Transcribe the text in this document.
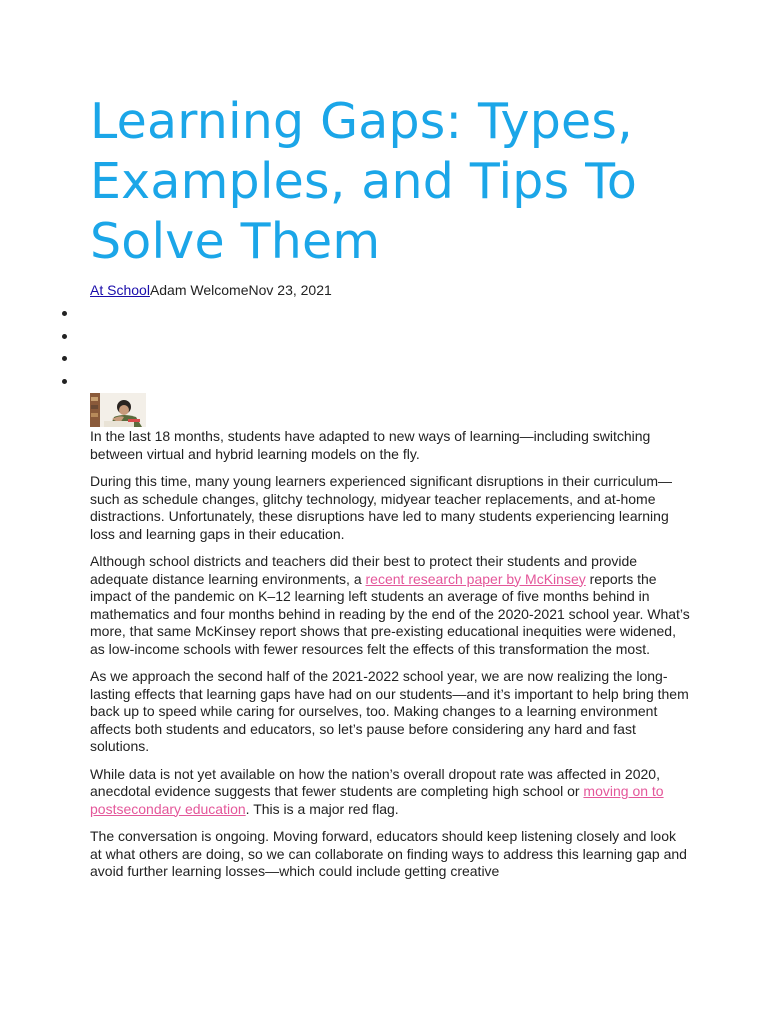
Learning Gaps: Types, Examples, and Tips To Solve Them
At SchoolAdam WelcomeNov 23, 2021

In the last 18 months, students have adapted to new ways of learning—including switching between virtual and hybrid learning models on the fly.

During this time, many young learners experienced significant disruptions in their curriculum—such as schedule changes, glitchy technology, midyear teacher replacements, and at-home distractions. Unfortunately, these disruptions have led to many students experiencing learning loss and learning gaps in their education.

Although school districts and teachers did their best to protect their students and provide adequate distance learning environments, a recent research paper by McKinsey reports the impact of the pandemic on K–12 learning left students an average of five months behind in mathematics and four months behind in reading by the end of the 2020-2021 school year. What’s more, that same McKinsey report shows that pre-existing educational inequities were widened, as low-income schools with fewer resources felt the effects of this transformation the most.

As we approach the second half of the 2021-2022 school year, we are now realizing the long-lasting effects that learning gaps have had on our students—and it’s important to help bring them back up to speed while caring for ourselves, too. Making changes to a learning environment affects both students and educators, so let’s pause before considering any hard and fast solutions.

While data is not yet available on how the nation’s overall dropout rate was affected in 2020, anecdotal evidence suggests that fewer students are completing high school or moving on to postsecondary education. This is a major red flag.

The conversation is ongoing. Moving forward, educators should keep listening closely and look at what others are doing, so we can collaborate on finding ways to address this learning gap and avoid further learning losses—which could include getting creative
